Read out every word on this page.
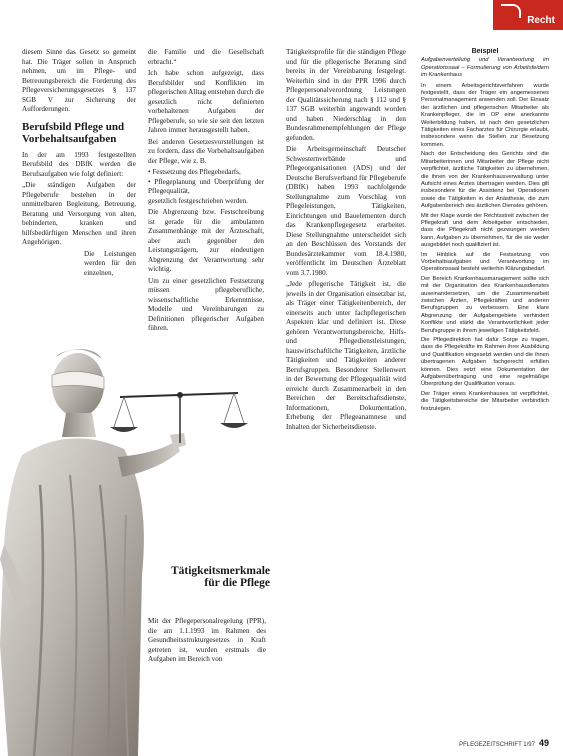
Recht

diesem Sinne das Gesetz so gemeint hat. Die Träger sollen in Anspruch nehmen, um im Pflege- und Betreuungsbereich die Forderung des Pflegeversicherungsgesetzes § 137 SGB V zur Sicherung der Aufforderungen.

Berufsbild Pflege und Vorbehaltsaufgaben

In der am 1993 festgestellten Berufsbild des DBfK werden die Berufsaufgaben wie folgt definiert:

„Die ständigen Aufgaben der Pflegeberufe bestehen in der unmittelbaren Begleitung, Betreuung, Beratung und Versorgung von alten, behinderten, kranken und hilfsbedürftigen Menschen und ihren Angehörigen.

Die Leistungen werden für den einzelnen,

die Familie und die Gesellschaft erbracht.“

Ich habe schon aufgezeigt, dass Berufsbilder und Konflikten im pflegerischen Alltag entstehen durch die gesetzlich nicht definierten vorbehaltenen Aufgaben der Pflegeberufe, so wie sie seit den letzten Jahren immer herausgestellt haben.

Bei anderen Gesetzesvorstellungen ist zu fordern, dass die Vorbehaltsaufgaben der Pflege, wie z. B.

• Festsetzung des Pflegebedarfs,

• Pflegeplanung und Überprüfung der Pflegequalität,

gesetzlich festgeschrieben werden.

Die Abgrenzung bzw. Festschreibung ist gerade für die ambulanten Zusammenhänge mit der Ärzteschaft, aber auch gegenüber den Leistungsträgern, zur eindeutigen Abgrenzung der Verantwortung sehr wichtig.

Um zu einer gesetzlichen Festsetzung müssen pflegeberufliche, wissenschaftliche Erkenntnisse, Modelle und Vereinbarungen zu Definitionen pflegerischer Aufgaben führen.

Tätigkeitsprofile für die ständigen Pflege und für die pflegerische Beratung sind bereits in der Vereinbarung festgelegt. Weiterhin sind in der PPR 1996 durch Pflegepersonalverordnung Leistungen der Qualitätssicherung nach § 112 und § 137 SGB weiterhin angewandt worden und haben Niederschlag in den Bundesrahmenempfehlungen der Pflege gefunden.

Die Arbeitsgemeinschaft Deutscher Schwesternverbände und Pflegeorganisationen (ADS) und der Deutsche Berufsverband für Pflegeberufe (DBfK) haben 1993 nachfolgende Stellungnahme zum Vorschlag von Pflegeleistungen, Tätigkeiten, Einrichtungen und Bauelementen durch das Krankenpflegegesetz erarbeitet. Diese Stellungnahme unterscheidet sich an den Beschlüssen des Vorstands der Bundesärztekammer vom 18.4.1980, veröffentlicht im Deutschen Ärzteblatt vom 3.7.1980.

„Jede pflegerische Tätigkeit ist, die jeweils in der Organisation einsetzbar ist, als Träger einer Tätigkeitenbereich, der einerseits auch unter fachpflegerischen Aspekten klar und definiert ist. Diese gehören Verantwortungsbereiche, Hilfs- und Pflegedienstleistungen, hauswirtschaftliche Tätigkeiten, ärztliche Tätigkeiten und Tätigkeiten anderer Berufsgruppen. Besonderer Stellenwert in der Bewertung der Pflegequalität wird erreicht durch Zusammenarbeit in den Bereichen der Bereitschaftsdienste, Informationen, Dokumentation, Erhebung der Pflegeanamnese und Inhalten der Sicherheitsdienste.

Beispiel
Aufgabenverteilung und Verantwortung im Operationssaal – Formulierung von Arbeitsfeldern im Krankenhaus

In einem Arbeitsgerichtsverfahren wurde festgestellt, dass der Träger ein angemessenes Personalmanagement anwenden soll. Der Einsatz der ärztlichen und pflegerischen Mitarbeiter als Krankenpfleger, die im OP eine anerkannte Weiterbildung haben, ist nach den gesetzlichen Tätigkeiten eines Facharztes für Chirurgie erlaubt, insbesondere wenn die Stellen zur Besetzung kommen.

Nach der Entscheidung des Gerichts sind die Mitarbeiterinnen und Mitarbeiter der Pflege nicht verpflichtet, ärztliche Tätigkeiten zu übernehmen, die ihnen von der Krankenhausverwaltung unter Aufsicht eines Arztes übertragen werden. Dies gilt insbesondere für die Assistenz bei Operationen sowie die Tätigkeiten in der Anästhesie, die zum Aufgabenbereich des ärztlichen Dienstes gehören.

Mit der Klage wurde der Rechtsstreit zwischen der Pflegekraft und dem Arbeitgeber entschieden, dass die Pflegekraft nicht gezwungen werden kann, Aufgaben zu übernehmen, für die sie weder ausgebildet noch qualifiziert ist.

Im Hinblick auf die Festsetzung von Vorbehaltsaufgaben und Verantwortung im Operationssaal besteht weiterhin Klärungsbedarf.

Der Bereich Krankenhausmanagement sollte sich mit der Organisation des Krankenhausdienstes auseinandersetzen, um die Zusammenarbeit zwischen Ärzten, Pflegekräften und anderen Berufsgruppen zu verbessern. Eine klare Abgrenzung der Aufgabengebiete verhindert Konflikte und stärkt die Verantwortlichkeit jeder Berufsgruppe in ihrem jeweiligen Tätigkeitsfeld.

Die Pflegedirektion hat dafür Sorge zu tragen, dass die Pflegekräfte im Rahmen ihrer Ausbildung und Qualifikation eingesetzt werden und die ihnen übertragenen Aufgaben fachgerecht erfüllen können. Dies setzt eine Dokumentation der Aufgabenübertragung und eine regelmäßige Überprüfung der Qualifikation voraus.

Der Träger eines Krankenhauses ist verpflichtet, die Tätigkeitsbereiche der Mitarbeiter verbindlich festzulegen.

Tätigkeitsmerkmale für die Pflege

Mit der Pflegepersonalregelung (PPR), die am 1.1.1993 im Rahmen des Gesundheitsstrukturgesetzes in Kraft getreten ist, wurden erstmals die Aufgaben im Bereich von

PFLEGEZEITSCHRIFT 1/97 49
